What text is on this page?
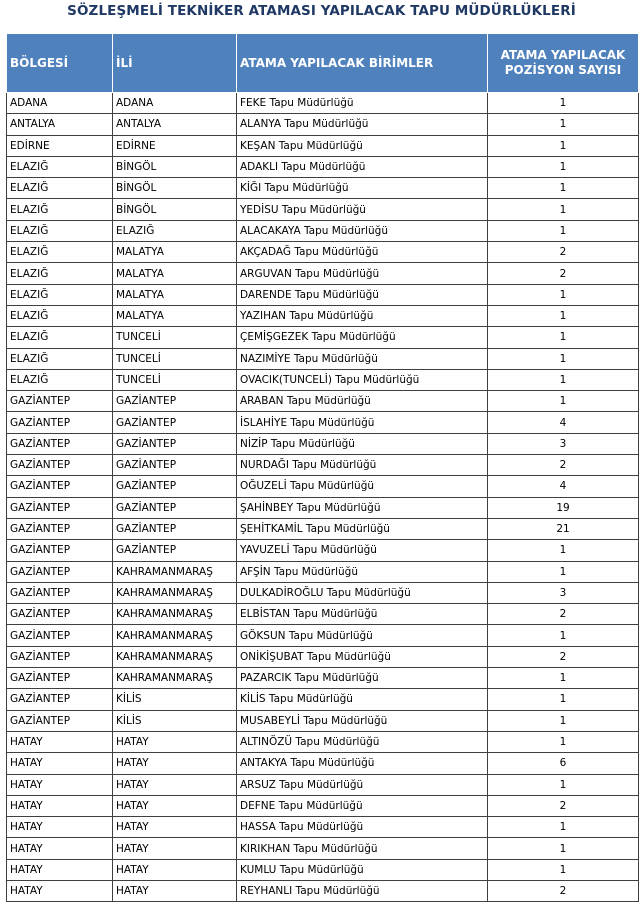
SÖZLEŞMELİ TEKNİKER ATAMASI YAPILACAK TAPU MÜDÜRLÜKLERİ
BÖLGESİ	İLİ	ATAMA YAPILACAK BİRİMLER	ATAMA YAPILACAK POZİSYON SAYISI
ADANA	ADANA	FEKE Tapu Müdürlüğü	1
ANTALYA	ANTALYA	ALANYA Tapu Müdürlüğü	1
EDİRNE	EDİRNE	KEŞAN Tapu Müdürlüğü	1
ELAZIĞ	BİNGÖL	ADAKLI Tapu Müdürlüğü	1
ELAZIĞ	BİNGÖL	KİĞI Tapu Müdürlüğü	1
ELAZIĞ	BİNGÖL	YEDİSU Tapu Müdürlüğü	1
ELAZIĞ	ELAZIĞ	ALACAKAYA Tapu Müdürlüğü	1
ELAZIĞ	MALATYA	AKÇADAĞ Tapu Müdürlüğü	2
ELAZIĞ	MALATYA	ARGUVAN Tapu Müdürlüğü	2
ELAZIĞ	MALATYA	DARENDE Tapu Müdürlüğü	1
ELAZIĞ	MALATYA	YAZIHAN Tapu Müdürlüğü	1
ELAZIĞ	TUNCELİ	ÇEMİŞGEZEK Tapu Müdürlüğü	1
ELAZIĞ	TUNCELİ	NAZIMİYE Tapu Müdürlüğü	1
ELAZIĞ	TUNCELİ	OVACIK(TUNCELİ) Tapu Müdürlüğü	1
GAZİANTEP	GAZİANTEP	ARABAN Tapu Müdürlüğü	1
GAZİANTEP	GAZİANTEP	İSLAHİYE Tapu Müdürlüğü	4
GAZİANTEP	GAZİANTEP	NİZİP Tapu Müdürlüğü	3
GAZİANTEP	GAZİANTEP	NURDAĞI Tapu Müdürlüğü	2
GAZİANTEP	GAZİANTEP	OĞUZELİ Tapu Müdürlüğü	4
GAZİANTEP	GAZİANTEP	ŞAHİNBEY Tapu Müdürlüğü	19
GAZİANTEP	GAZİANTEP	ŞEHİTKAMİL Tapu Müdürlüğü	21
GAZİANTEP	GAZİANTEP	YAVUZELİ Tapu Müdürlüğü	1
GAZİANTEP	KAHRAMANMARAŞ	AFŞİN Tapu Müdürlüğü	1
GAZİANTEP	KAHRAMANMARAŞ	DULKADİROĞLU Tapu Müdürlüğü	3
GAZİANTEP	KAHRAMANMARAŞ	ELBİSTAN Tapu Müdürlüğü	2
GAZİANTEP	KAHRAMANMARAŞ	GÖKSUN Tapu Müdürlüğü	1
GAZİANTEP	KAHRAMANMARAŞ	ONİKİŞUBAT Tapu Müdürlüğü	2
GAZİANTEP	KAHRAMANMARAŞ	PAZARCIK Tapu Müdürlüğü	1
GAZİANTEP	KİLİS	KİLİS Tapu Müdürlüğü	1
GAZİANTEP	KİLİS	MUSABEYLİ Tapu Müdürlüğü	1
HATAY	HATAY	ALTINÖZÜ Tapu Müdürlüğü	1
HATAY	HATAY	ANTAKYA Tapu Müdürlüğü	6
HATAY	HATAY	ARSUZ Tapu Müdürlüğü	1
HATAY	HATAY	DEFNE Tapu Müdürlüğü	2
HATAY	HATAY	HASSA Tapu Müdürlüğü	1
HATAY	HATAY	KIRIKHAN Tapu Müdürlüğü	1
HATAY	HATAY	KUMLU Tapu Müdürlüğü	1
HATAY	HATAY	REYHANLI Tapu Müdürlüğü	2
